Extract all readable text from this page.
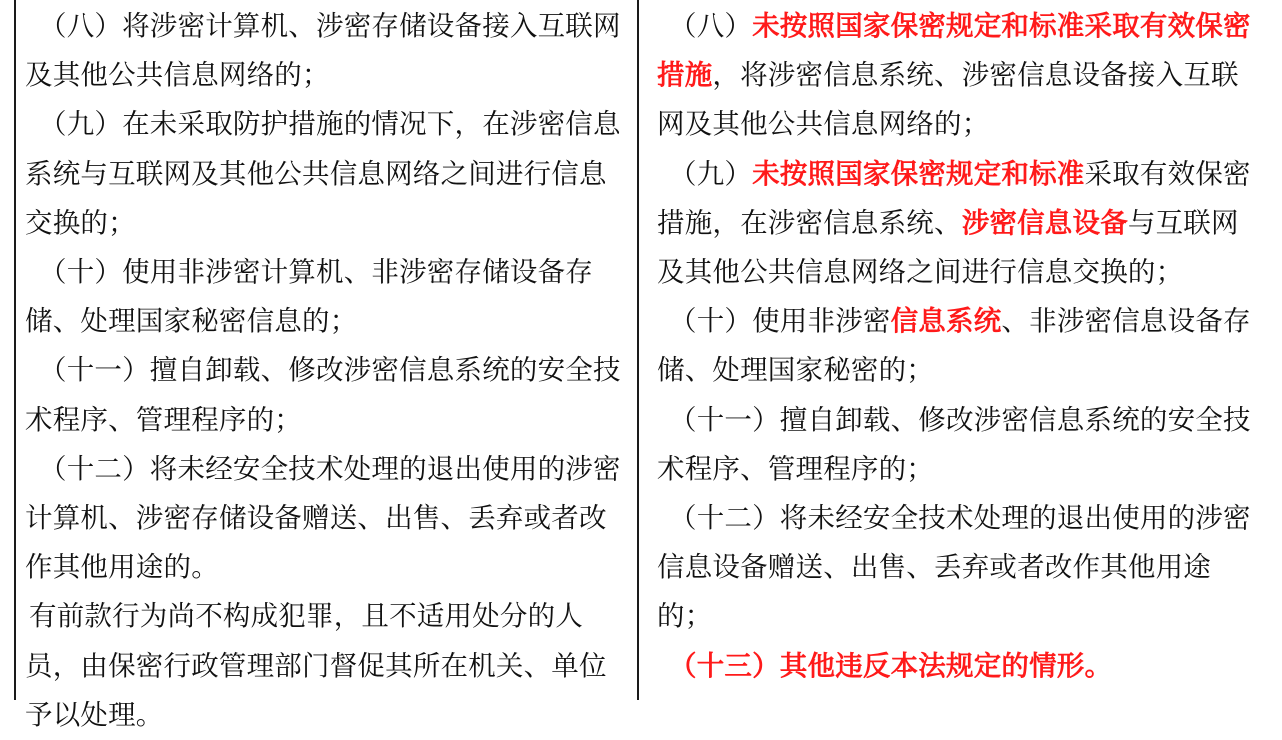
（八）将涉密计算机、涉密存储设备接入互联网及其他公共信息网络的；

（九）在未采取防护措施的情况下，在涉密信息系统与互联网及其他公共信息网络之间进行信息交换的；

（十）使用非涉密计算机、非涉密存储设备存储、处理国家秘密信息的；

（十一）擅自卸载、修改涉密信息系统的安全技术程序、管理程序的；

（十二）将未经安全技术处理的退出使用的涉密计算机、涉密存储设备赠送、出售、丢弃或者改作其他用途的。

有前款行为尚不构成犯罪，且不适用处分的人员，由保密行政管理部门督促其所在机关、单位予以处理。

（八）未按照国家保密规定和标准采取有效保密措施，将涉密信息系统、涉密信息设备接入互联网及其他公共信息网络的；

（九）未按照国家保密规定和标准采取有效保密措施，在涉密信息系统、涉密信息设备与互联网及其他公共信息网络之间进行信息交换的；

（十）使用非涉密信息系统、非涉密信息设备存储、处理国家秘密的；

（十一）擅自卸载、修改涉密信息系统的安全技术程序、管理程序的；

（十二）将未经安全技术处理的退出使用的涉密信息设备赠送、出售、丢弃或者改作其他用途的；

（十三）其他违反本法规定的情形。
